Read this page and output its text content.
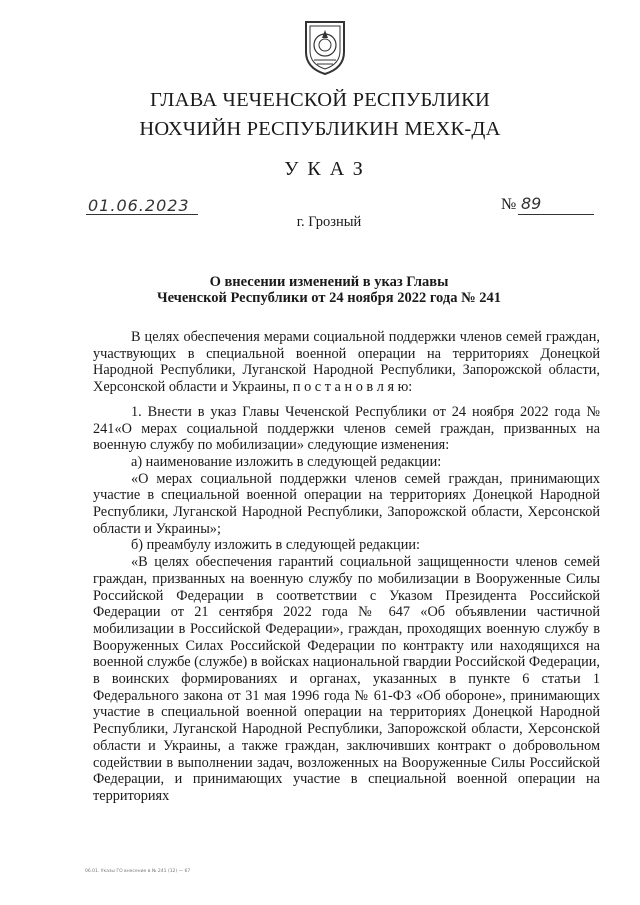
ГЛАВА ЧЕЧЕНСКОЙ РЕСПУБЛИКИ
НОХЧИЙН РЕСПУБЛИКИН МЕХК-ДА
УКАЗ
01.06.2023	№ 89
г. Грозный
О внесении изменений в указ Главы
Чеченской Республики от 24 ноября 2022 года № 241

В целях обеспечения мерами социальной поддержки членов семей граждан, участвующих в специальной военной операции на территориях Донецкой Народной Республики, Луганской Народной Республики, Запорожской области, Херсонской области и Украины, п о с т а н о в л я ю:

1. Внести в указ Главы Чеченской Республики от 24 ноября 2022 года № 241«О мерах социальной поддержки членов семей граждан, призванных на военную службу по мобилизации» следующие изменения:

а) наименование изложить в следующей редакции:

«О мерах социальной поддержки членов семей граждан, принимающих участие в специальной военной операции на территориях Донецкой Народной Республики, Луганской Народной Республики, Запорожской области, Херсонской области и Украины»;

б) преамбулу изложить в следующей редакции:

«В целях обеспечения гарантий социальной защищенности членов семей граждан, призванных на военную службу по мобилизации в Вооруженные Силы Российской Федерации в соответствии с Указом Президента Российской Федерации от 21 сентября 2022 года № 647 «Об объявлении частичной мобилизации в Российской Федерации», граждан, проходящих военную службу в Вооруженных Силах Российской Федерации по контракту или находящихся на военной службе (службе) в войсках национальной гвардии Российской Федерации, в воинских формированиях и органах, указанных в пункте 6 статьи 1 Федерального закона от 31 мая 1996 года № 61-ФЗ «Об обороне», принимающих участие в специальной военной операции на территориях Донецкой Народной Республики, Луганской Народной Республики, Запорожской области, Херсонской области и Украины, а также граждан, заключивших контракт о добровольном содействии в выполнении задач, возложенных на Вооруженные Силы Российской Федерации, и принимающих участие в специальной военной операции на территориях

06.01. Указы ГО внесение в № 241 (12) — 67
